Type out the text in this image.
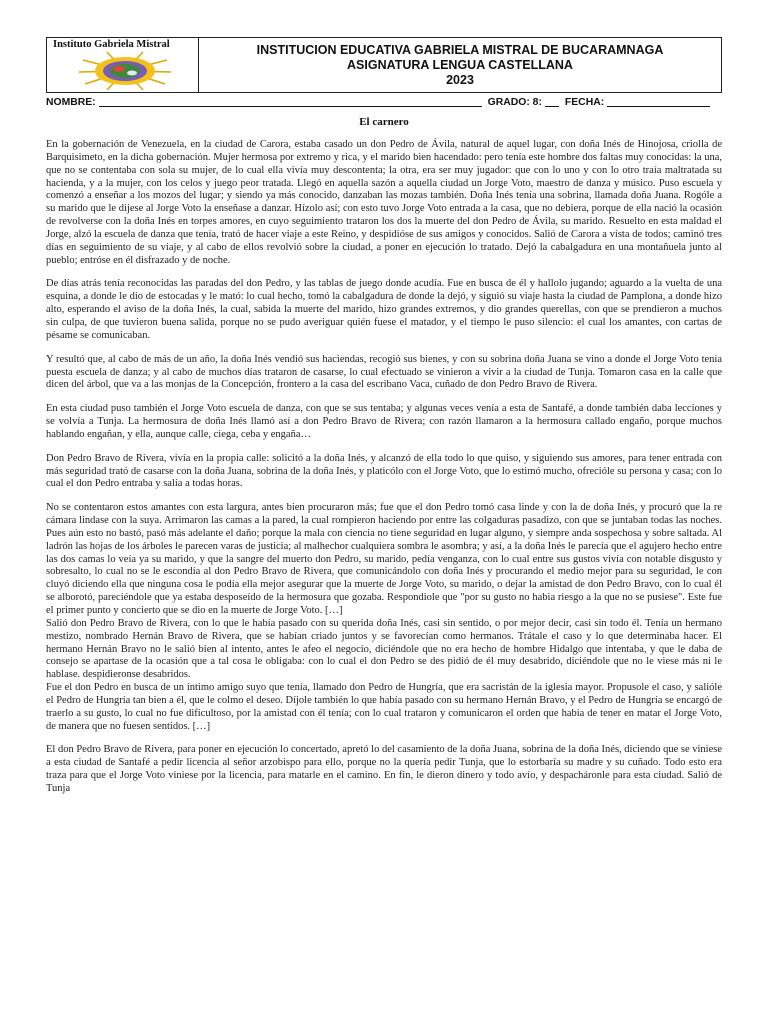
Instituto Gabriela Mistral	INSTITUCION EDUCATIVA GABRIELA MISTRAL DE BUCARAMNAGA
ASIGNATURA LENGUA CASTELLANA
2023
NOMBRE:	GRADO: 8: FECHA:
El carnero

En la gobernación de Venezuela, en la ciudad de Carora, estaba casado un don Pedro de Ávila, natural de aquel lugar, con doña Inés de Hinojosa, criolla de Barquisimeto, en la dicha gobernación. Mujer hermosa por extremo y rica, y el marido bien hacendado: pero tenía este hombre dos faltas muy conocidas: la una, que no se contentaba con sola su mujer, de lo cual ella vivía muy descontenta; la otra, era ser muy jugador: que con lo uno y con lo otro traía maltratada su hacienda, y a la mujer, con los celos y juego peor tratada. Llegó en aquella sazón a aquella ciudad un Jorge Voto, maestro de danza y músico. Puso escuela y comenzó a enseñar a los mozos del lugar; y siendo ya más conocido, danzaban las mozas también. Doña Inés tenía una sobrina, llamada doña Juana. Rogóle a su marido que le dijese al Jorge Voto la enseñase a danzar. Hízolo así; con esto tuvo Jorge Voto entrada a la casa, que no debiera, porque de ella nació la ocasión de revolverse con la doña Inés en torpes amores, en cuyo seguimiento trataron los dos la muerte del don Pedro de Ávila, su marido. Resuelto en esta maldad el Jorge, alzó la escuela de danza que tenía, trató de hacer viaje a este Reino, y despidióse de sus amigos y conocidos. Salió de Carora a vista de todos; caminó tres días en seguimiento de su viaje, y al cabo de ellos revolvió sobre la ciudad, a poner en ejecución lo tratado. Dejó la cabalgadura en una montañuela junto al pueblo; entróse en él disfrazado y de noche.

De días atrás tenía reconocidas las paradas del don Pedro, y las tablas de juego donde acudía. Fue en busca de él y hallolo jugando; aguardo a la vuelta de una esquina, a donde le dio de estocadas y le mató: lo cual hecho, tomó la cabalgadura de donde la dejó, y siguió su viaje hasta la ciudad de Pamplona, a donde hizo alto, esperando el aviso de la doña Inés, la cual, sabida la muerte del marido, hizo grandes extremos, y dio grandes querellas, con que se prendieron a muchos sin culpa, de que tuvieron buena salida, porque no se pudo averiguar quién fuese el matador, y el tiempo le puso silencio: el cual los amantes, con cartas de pésame se comunicaban.

Y resultó que, al cabo de más de un año, la doña Inés vendió sus haciendas, recogió sus bienes, y con su sobrina doña Juana se vino a donde el Jorge Voto tenía puesta escuela de danza; y al cabo de muchos días trataron de casarse, lo cual efectuado se vinieron a vivir a la ciudad de Tunja. Tomaron casa en la calle que dicen del árbol, que va a las monjas de la Concepción, frontero a la casa del escribano Vaca, cuñado de don Pedro Bravo de Rivera.

En esta ciudad puso también el Jorge Voto escuela de danza, con que se sus tentaba; y algunas veces venía a esta de Santafé, a donde también daba lecciones y se volvía a Tunja. La hermosura de doña Inés llamó así a don Pedro Bravo de Rivera; con razón llamaron a la hermosura callado engaño, porque muchos hablando engañan, y ella, aunque calle, ciega, ceba y engaña…

Don Pedro Bravo de Rivera, vivía en la propia calle: solicitó a la doña Inés, y alcanzó de ella todo lo que quiso, y siguiendo sus amores, para tener entrada con más seguridad trató de casarse con la doña Juana, sobrina de la doña Inés, y platicólo con el Jorge Voto, que lo estimó mucho, ofrecióle su persona y casa; con lo cual el don Pedro entraba y salía a todas horas.

No se contentaron estos amantes con esta largura, antes bien procuraron más; fue que el don Pedro tomó casa linde y con la de doña Inés, y procuró que la re cámara lindase con la suya. Arrimaron las camas a la pared, la cual rompieron haciendo por entre las colgaduras pasadizo, con que se juntaban todas las noches. Pues aún esto no bastó, pasó más adelante el daño; porque la mala con ciencia no tiene seguridad en lugar alguno, y siempre anda sospechosa y sobre saltada. Al ladrón las hojas de los árboles le parecen varas de justicia; al malhechor cualquiera sombra le asombra; y así, a la doña Inés le parecía que el agujero hecho entre las dos camas lo veía ya su marido, y que la sangre del muerto don Pedro, su marido, pedía venganza, con lo cual entre sus gustos vivía con notable disgusto y sobresalto, lo cual no se le escondía al don Pedro Bravo de Rivera, que comunicándolo con doña Inés y procurando el medio mejor para su seguridad, le con cluyó diciendo ella que ninguna cosa le podía ella mejor asegurar que la muerte de Jorge Voto, su marido, o dejar la amistad de don Pedro Bravo, con lo cual él se alborotó, pareciéndole que ya estaba desposeído de la hermosura que gozaba. Respondiole que "por su gusto no habia riesgo a la que no se pusiese". Este fue el primer punto y concierto que se dio en la muerte de Jorge Voto. […]

Salió don Pedro Bravo de Rivera, con lo que le había pasado con su querida doña Inés, casi sin sentido, o por mejor decir, casi sin todo él. Tenía un hermano mestizo, nombrado Hernán Bravo de Rivera, que se habían criado juntos y se favorecían como hermanos. Trátale el caso y lo que determinaba hacer. El hermano Hernán Bravo no le salió bien al intento, antes le afeo el negocio, diciéndole que no era hecho de hombre Hidalgo que intentaba, y que le daba de consejo se apartase de la ocasión que a tal cosa le obligaba: con lo cual el don Pedro se des pidió de él muy desabrido, diciéndole que no le viese más ni le hablase. despidieronse desabridos.

Fue el don Pedro en busca de un íntimo amigo suyo que tenía, llamado don Pedro de Hungría, que era sacristán de la iglesia mayor. Propusole el caso, y salióle el Pedro de Hungría tan bien a él, que le colmo el deseo. Díjole también lo que había pasado con su hermano Hernán Bravo, y el Pedro de Hungría se encargó de traerlo a su gusto, lo cual no fue dificultoso, por la amistad con él tenía; con lo cual trataron y comunicaron el orden que había de tener en matar el Jorge Voto, de manera que no fuesen sentidos. […]

El don Pedro Bravo de Rivera, para poner en ejecución lo concertado, apretó lo del casamiento de la doña Juana, sobrina de la doña Inés, diciendo que se viniese a esta ciudad de Santafé a pedir licencia al señor arzobispo para ello, porque no la quería pedir Tunja, que lo estorbaría su madre y su cuñado. Todo esto era traza para que el Jorge Voto viniese por la licencia, para matarle en el camino. En fin, le dieron dinero y todo avío, y despacháronle para esta ciudad. Salió de Tunja
